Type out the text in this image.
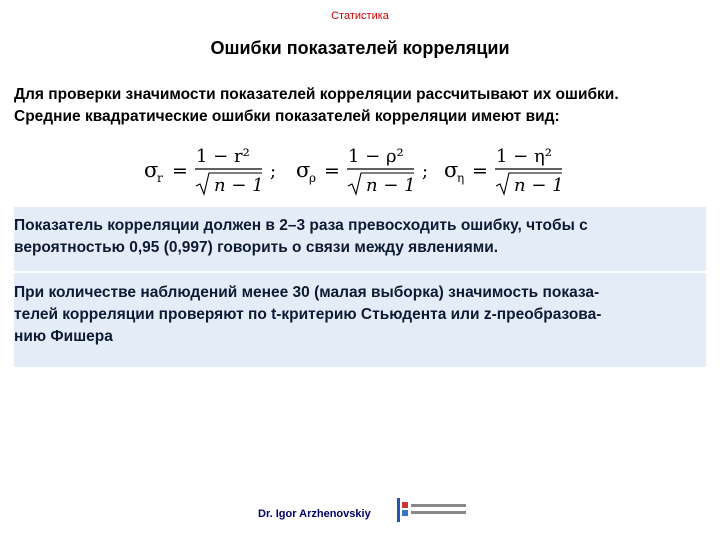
Статистика
Ошибки показателей корреляции
Для проверки значимости показателей корреляции рассчитывают их ошибки.
Средние квадратические ошибки показателей корреляции имеют вид:
σ
r =
1 − r²
n − 1
; σ
ρ =
1 − ρ²
n − 1
; σ
η =
1 − η²
n − 1
Показатель корреляции должен в 2–3 раза превосходить ошибку, чтобы с
вероятностью 0,95 (0,997) говорить о связи между явлениями.
При количестве наблюдений менее 30 (малая выборка) значимость показа-
телей корреляции проверяют по t-критерию Стьюдента или z-преобразова-
нию Фишера
Dr. Igor Arzhenovskiy
